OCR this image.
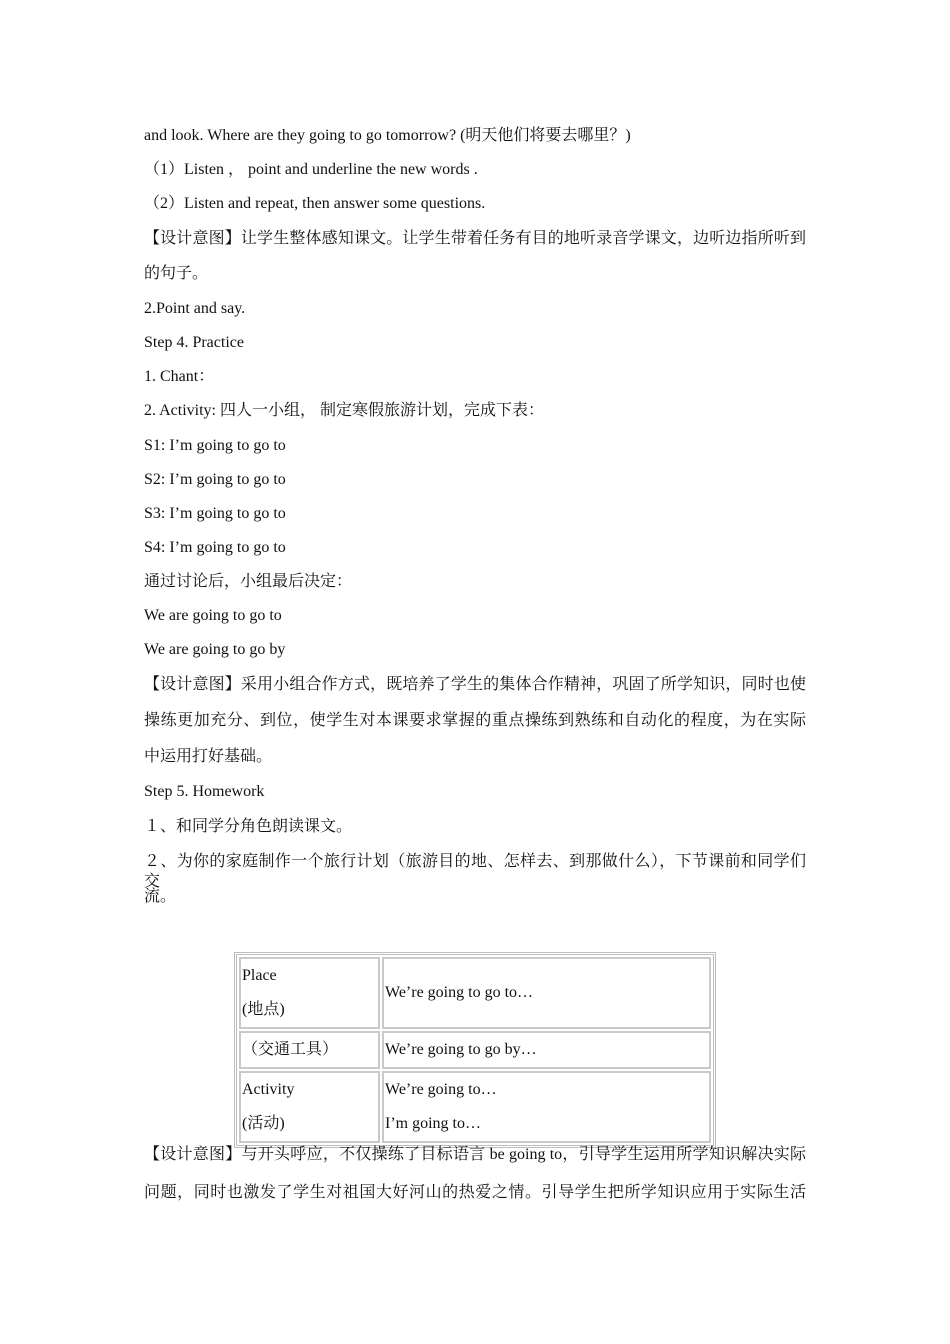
and look. Where are they going to go tomorrow? (明天他们将要去哪里？)
（1）Listen ， point and underline the new words .
（2）Listen and repeat, then answer some questions.
【设计意图】让学生整体感知课文。让学生带着任务有目的地听录音学课文，边听边指所听到
的句子。
2.Point and say.
Step 4. Practice
1. Chant：
2. Activity: 四人一小组， 制定寒假旅游计划，完成下表：
S1: I’m going to go to
S2: I’m going to go to
S3: I’m going to go to
S4: I’m going to go to
通过讨论后，小组最后决定：
We are going to go to
We are going to go by
【设计意图】采用小组合作方式，既培养了学生的集体合作精神，巩固了所学知识，同时也使
操练更加充分、到位，使学生对本课要求掌握的重点操练到熟练和自动化的程度，为在实际
中运用打好基础。
Step 5. Homework
１、和同学分角色朗读课文。
２、为你的家庭制作一个旅行计划（旅游目的地、怎样去、到那做什么），下节课前和同学们交
流。
Place
(地点)	We’re going to go to…

（交通工具）	We’re going to go by…

Activity
(活动)	We’re going to…
I’m going to…
【设计意图】与开头呼应，不仅操练了目标语言 be going to，引导学生运用所学知识解决实际
问题，同时也激发了学生对祖国大好河山的热爱之情。引导学生把所学知识应用于实际生活
